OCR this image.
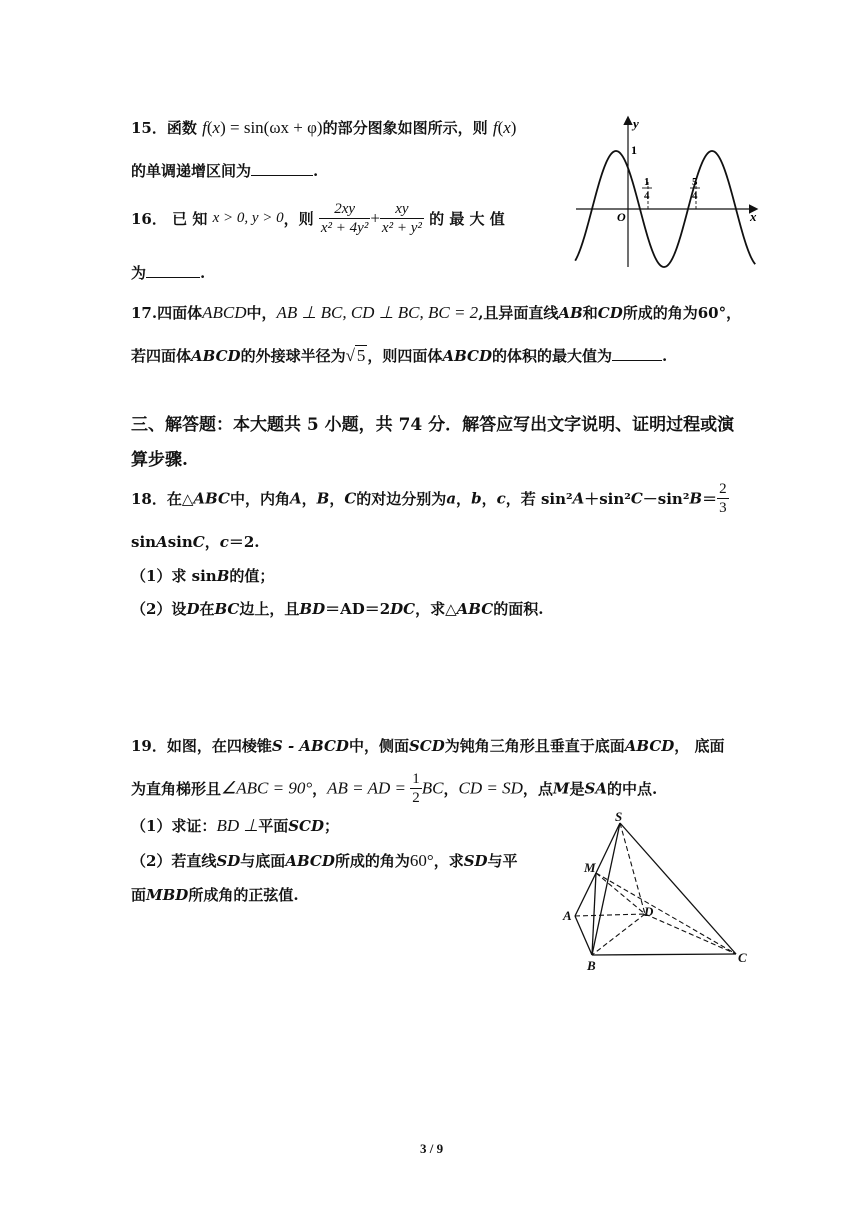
15．函数 f(x) = sin(ωx + φ)的部分图象如图所示，则 f(x)
的单调递增区间为	.
16． 已 知 x > 0, y > 0，则 $\frac{2xy}{\text{x² + 4y²}} + \frac{xy}{\text{x² + y²}}$ 的 最 大 值
为	.
y
x
O
1
1
4
5
4
17.四面体ABCD中，AB ⊥ BC, CD ⊥ BC, BC = 2,且异面直线AB和CD所成的角为60°，
若四面体ABCD的外接球半径为√ 5 ，则四面体ABCD的体积的最大值为	.
三、解答题：本大题共 5 小题，共 74 分．解答应写出文字说明、证明过程或演
算步骤.
18．在△ABC中，内角A，B，C的对边分别为a，b，c，若 $\sin^2A+\sin^2C-\sin^2B= \frac{2}{3}$
sinAsinC，c＝2.
（1）求 sinB的值；
（2）设D在BC边上，且BD＝AD＝2DC，求△ABC的面积.
19．如图，在四棱锥S - ABCD中，侧面SCD为钝角三角形且垂直于底面ABCD， 底面
为直角梯形且∠ABC = 90°，AB = AD = $\frac{1}{2}$ BC，CD = SD，点M是SA的中点.
（1）求证：BD ⊥平面SCD；
（2）若直线SD与底面ABCD所成的角为60°，求SD与平
面MBD所成角的正弦值.
S
M
A	D
B
C
3 / 9
